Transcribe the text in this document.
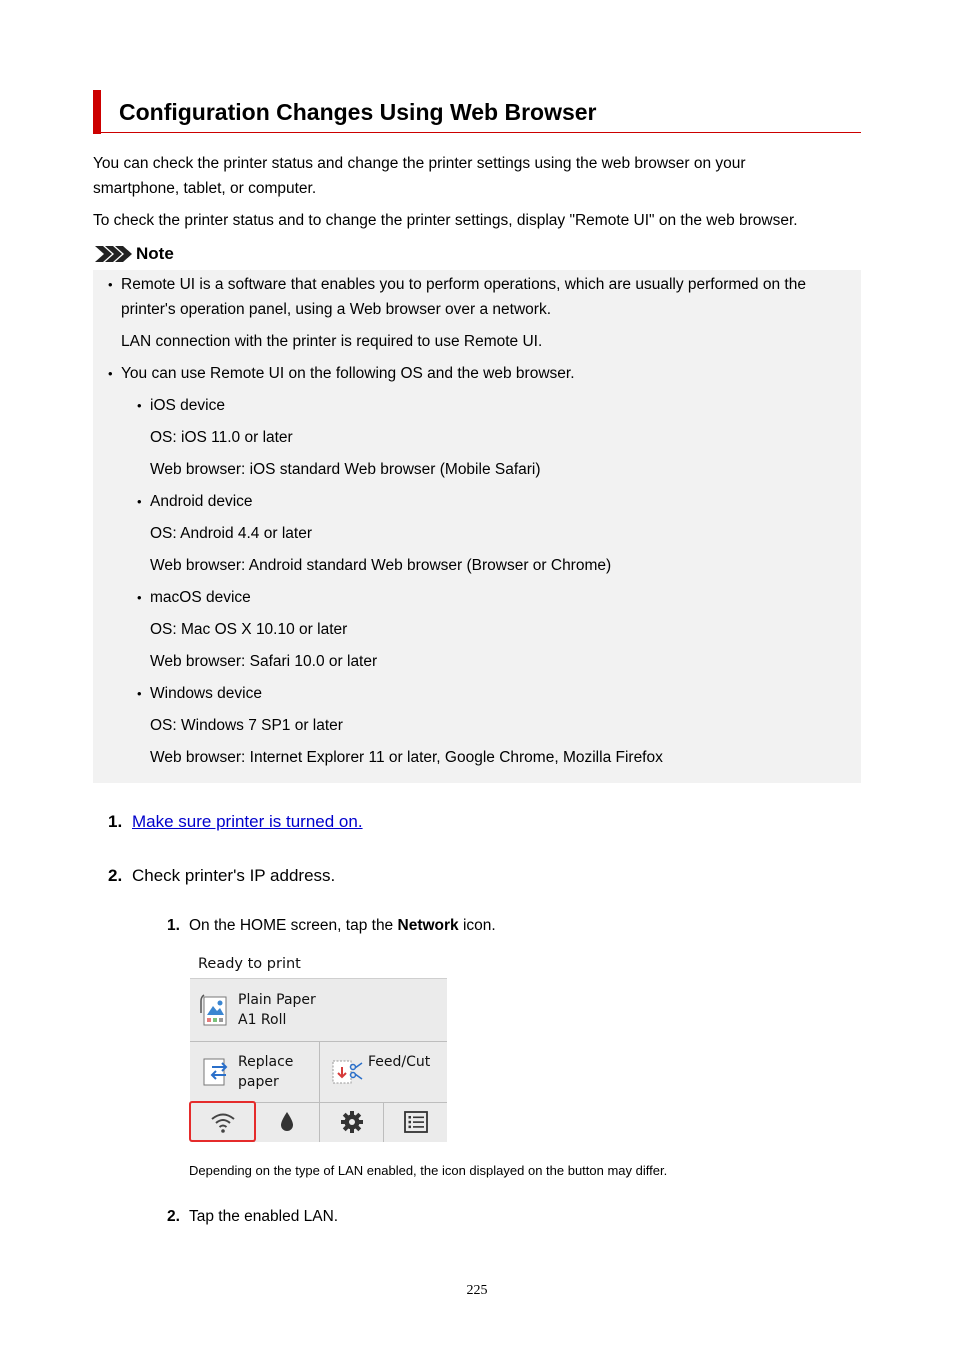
Configuration Changes Using Web Browser
You can check the printer status and change the printer settings using the web browser on your
smartphone, tablet, or computer.
To check the printer status and to change the printer settings, display "Remote UI" on the web browser.
Note
• Remote UI is a software that enables you to perform operations, which are usually performed on the
printer's operation panel, using a Web browser over a network.
LAN connection with the printer is required to use Remote UI.
• You can use Remote UI on the following OS and the web browser.
• iOS device
OS: iOS 11.0 or later
Web browser: iOS standard Web browser (Mobile Safari)
• Android device
OS: Android 4.4 or later
Web browser: Android standard Web browser (Browser or Chrome)
• macOS device
OS: Mac OS X 10.10 or later
Web browser: Safari 10.0 or later
• Windows device
OS: Windows 7 SP1 or later
Web browser: Internet Explorer 11 or later, Google Chrome, Mozilla Firefox
1. Make sure printer is turned on.
2. Check printer's IP address.
1. On the HOME screen, tap the Network icon.
Ready to print
Plain Paper
A1 Roll
Replace
paper
Feed/Cut
Depending on the type of LAN enabled, the icon displayed on the button may differ.
2. Tap the enabled LAN.
225
